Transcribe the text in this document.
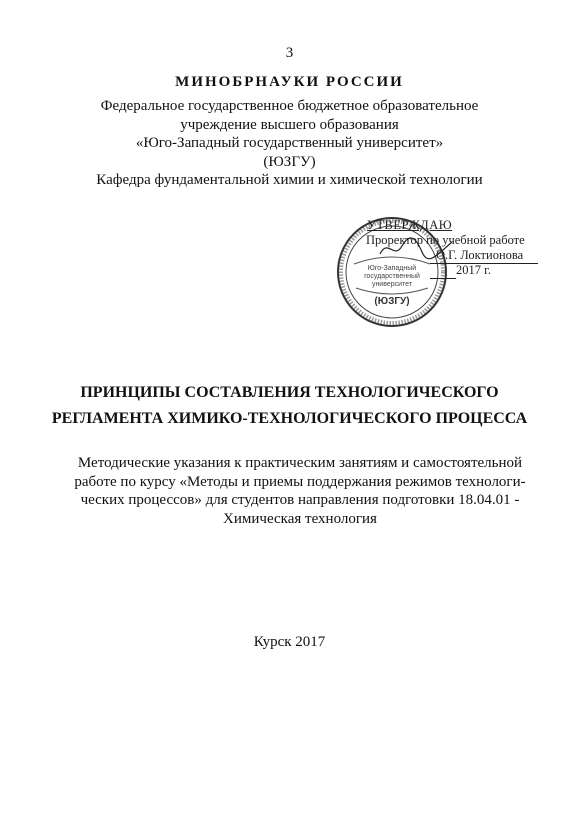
3
МИНОБРНАУКИ РОССИИ
Федеральное государственное бюджетное образовательное
учреждение высшего образования
«Юго-Западный государственный университет»
(ЮЗГУ)
Кафедра фундаментальной химии и химической технологии
Юго-Западный
государственный
университет
(ЮЗГУ)
УТВЕРЖДАЮ
Проректор по учебной работе
О.Г. Локтионова
2017 г.
ПРИНЦИПЫ СОСТАВЛЕНИЯ ТЕХНОЛОГИЧЕСКОГО
РЕГЛАМЕНТА ХИМИКО-ТЕХНОЛОГИЧЕСКОГО ПРОЦЕССА
Методические указания к практическим занятиям и самостоятельной
работе по курсу «Методы и приемы поддержания режимов технологи-
ческих процессов» для студентов направления подготовки 18.04.01 -
Химическая технология
Курск 2017
